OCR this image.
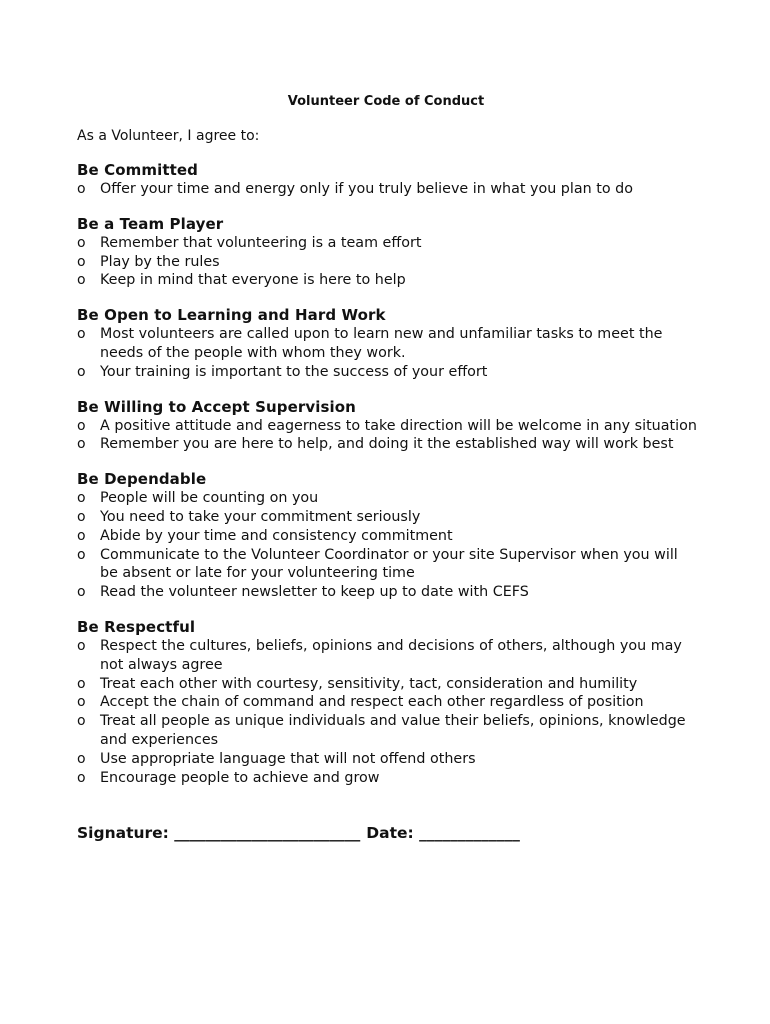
Volunteer Code of Conduct
As a Volunteer, I agree to:
Be Committed
o	Offer your time and energy only if you truly believe in what you plan to do
Be a Team Player
o	Remember that volunteering is a team effort
o	Play by the rules
o	Keep in mind that everyone is here to help
Be Open to Learning and Hard Work
o	Most volunteers are called upon to learn new and unfamiliar tasks to meet the needs of the people with whom they work.
o	Your training is important to the success of your effort
Be Willing to Accept Supervision
o	A positive attitude and eagerness to take direction will be welcome in any situation
o	Remember you are here to help, and doing it the established way will work best
Be Dependable
o	People will be counting on you
o	You need to take your commitment seriously
o	Abide by your time and consistency commitment
o	Communicate to the Volunteer Coordinator or your site Supervisor when you will be absent or late for your volunteering time
o	Read the volunteer newsletter to keep up to date with CEFS
Be Respectful
o	Respect the cultures, beliefs, opinions and decisions of others, although you may not always agree
o	Treat each other with courtesy, sensitivity, tact, consideration and humility
o	Accept the chain of command and respect each other regardless of position
o	Treat all people as unique individuals and value their beliefs, opinions, knowledge and experiences
o	Use appropriate language that will not offend others
o	Encourage people to achieve and grow
Signature: ________________________ Date: _____________
